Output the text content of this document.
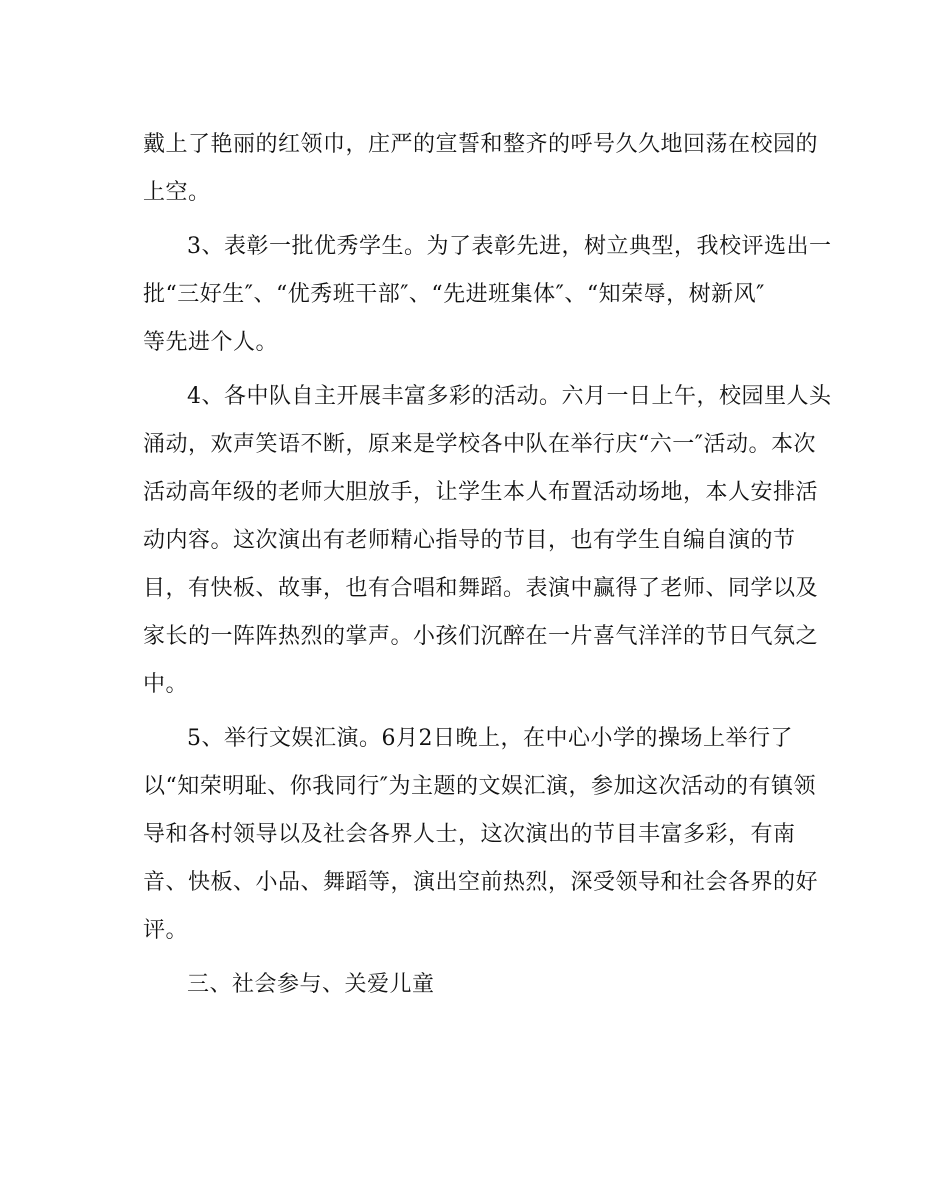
戴上了艳丽的红领巾，庄严的宣誓和整齐的呼号久久地回荡在校园的
上空。
3、表彰一批优秀学生。为了表彰先进，树立典型，我校评选出一
批“三好生″、“优秀班干部″、“先进班集体″、“知荣辱，树新风″
等先进个人。
4、各中队自主开展丰富多彩的活动。六月一日上午，校园里人头
涌动，欢声笑语不断，原来是学校各中队在举行庆“六一″活动。本次
活动高年级的老师大胆放手，让学生本人布置活动场地，本人安排活
动内容。这次演出有老师精心指导的节目，也有学生自编自演的节
目，有快板、故事，也有合唱和舞蹈。表演中赢得了老师、同学以及
家长的一阵阵热烈的掌声。小孩们沉醉在一片喜气洋洋的节日气氛之
中。
5、举行文娱汇演。6月2日晚上，在中心小学的操场上举行了
以“知荣明耻、你我同行″为主题的文娱汇演，参加这次活动的有镇领
导和各村领导以及社会各界人士，这次演出的节目丰富多彩，有南
音、快板、小品、舞蹈等，演出空前热烈，深受领导和社会各界的好
评。
三、社会参与、关爱儿童
